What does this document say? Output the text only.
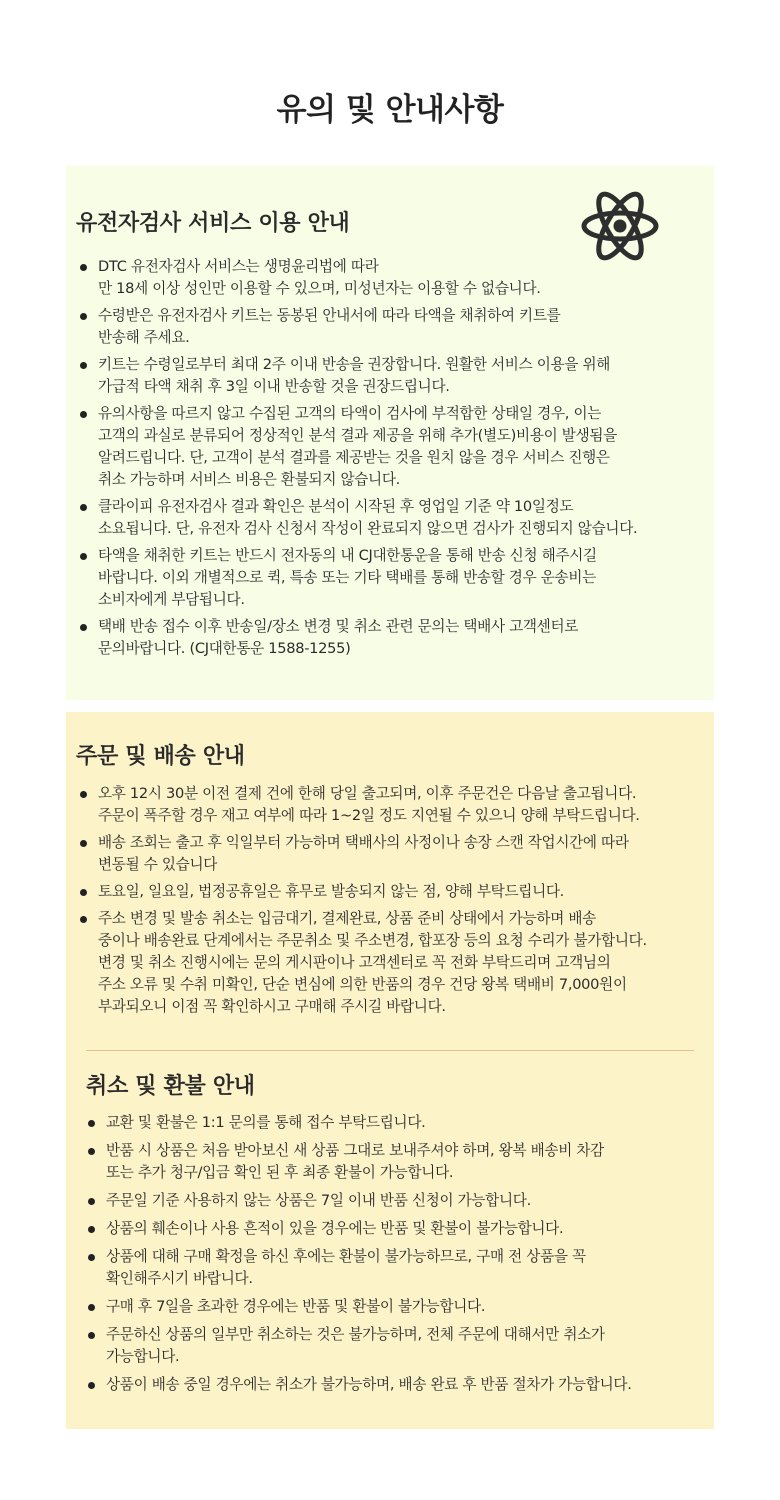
유의 및 안내사항
유전자검사 서비스 이용 안내
DTC 유전자검사 서비스는 생명윤리법에 따라
만 18세 이상 성인만 이용할 수 있으며, 미성년자는 이용할 수 없습니다.
수령받은 유전자검사 키트는 동봉된 안내서에 따라 타액을 채취하여 키트를
반송해 주세요.
키트는 수령일로부터 최대 2주 이내 반송을 권장합니다. 원활한 서비스 이용을 위해
가급적 타액 채취 후 3일 이내 반송할 것을 권장드립니다.
유의사항을 따르지 않고 수집된 고객의 타액이 검사에 부적합한 상태일 경우, 이는
고객의 과실로 분류되어 정상적인 분석 결과 제공을 위해 추가(별도)비용이 발생됨을
알려드립니다. 단, 고객이 분석 결과를 제공받는 것을 원치 않을 경우 서비스 진행은
취소 가능하며 서비스 비용은 환불되지 않습니다.
클라이피 유전자검사 결과 확인은 분석이 시작된 후 영업일 기준 약 10일정도
소요됩니다. 단, 유전자 검사 신청서 작성이 완료되지 않으면 검사가 진행되지 않습니다.
타액을 채취한 키트는 반드시 전자동의 내 CJ대한통운을 통해 반송 신청 해주시길
바랍니다. 이외 개별적으로 퀵, 특송 또는 기타 택배를 통해 반송할 경우 운송비는
소비자에게 부담됩니다.
택배 반송 접수 이후 반송일/장소 변경 및 취소 관련 문의는 택배사 고객센터로
문의바랍니다. (CJ대한통운 1588-1255)
주문 및 배송 안내
오후 12시 30분 이전 결제 건에 한해 당일 출고되며, 이후 주문건은 다음날 출고됩니다.
주문이 폭주할 경우 재고 여부에 따라 1~2일 정도 지연될 수 있으니 양해 부탁드립니다.
배송 조회는 출고 후 익일부터 가능하며 택배사의 사정이나 송장 스캔 작업시간에 따라
변동될 수 있습니다
토요일, 일요일, 법정공휴일은 휴무로 발송되지 않는 점, 양해 부탁드립니다.
주소 변경 및 발송 취소는 입금대기, 결제완료, 상품 준비 상태에서 가능하며 배송
중이나 배송완료 단계에서는 주문취소 및 주소변경, 합포장 등의 요청 수리가 불가합니다.
변경 및 취소 진행시에는 문의 게시판이나 고객센터로 꼭 전화 부탁드리며 고객님의
주소 오류 및 수취 미확인, 단순 변심에 의한 반품의 경우 건당 왕복 택배비 7,000원이
부과되오니 이점 꼭 확인하시고 구매해 주시길 바랍니다.
취소 및 환불 안내
교환 및 환불은 1:1 문의를 통해 접수 부탁드립니다.
반품 시 상품은 처음 받아보신 새 상품 그대로 보내주셔야 하며, 왕복 배송비 차감
또는 추가 청구/입금 확인 된 후 최종 환불이 가능합니다.
주문일 기준 사용하지 않는 상품은 7일 이내 반품 신청이 가능합니다.
상품의 훼손이나 사용 흔적이 있을 경우에는 반품 및 환불이 불가능합니다.
상품에 대해 구매 확정을 하신 후에는 환불이 불가능하므로, 구매 전 상품을 꼭
확인해주시기 바랍니다.
구매 후 7일을 초과한 경우에는 반품 및 환불이 불가능합니다.
주문하신 상품의 일부만 취소하는 것은 불가능하며, 전체 주문에 대해서만 취소가
가능합니다.
상품이 배송 중일 경우에는 취소가 불가능하며, 배송 완료 후 반품 절차가 가능합니다.
